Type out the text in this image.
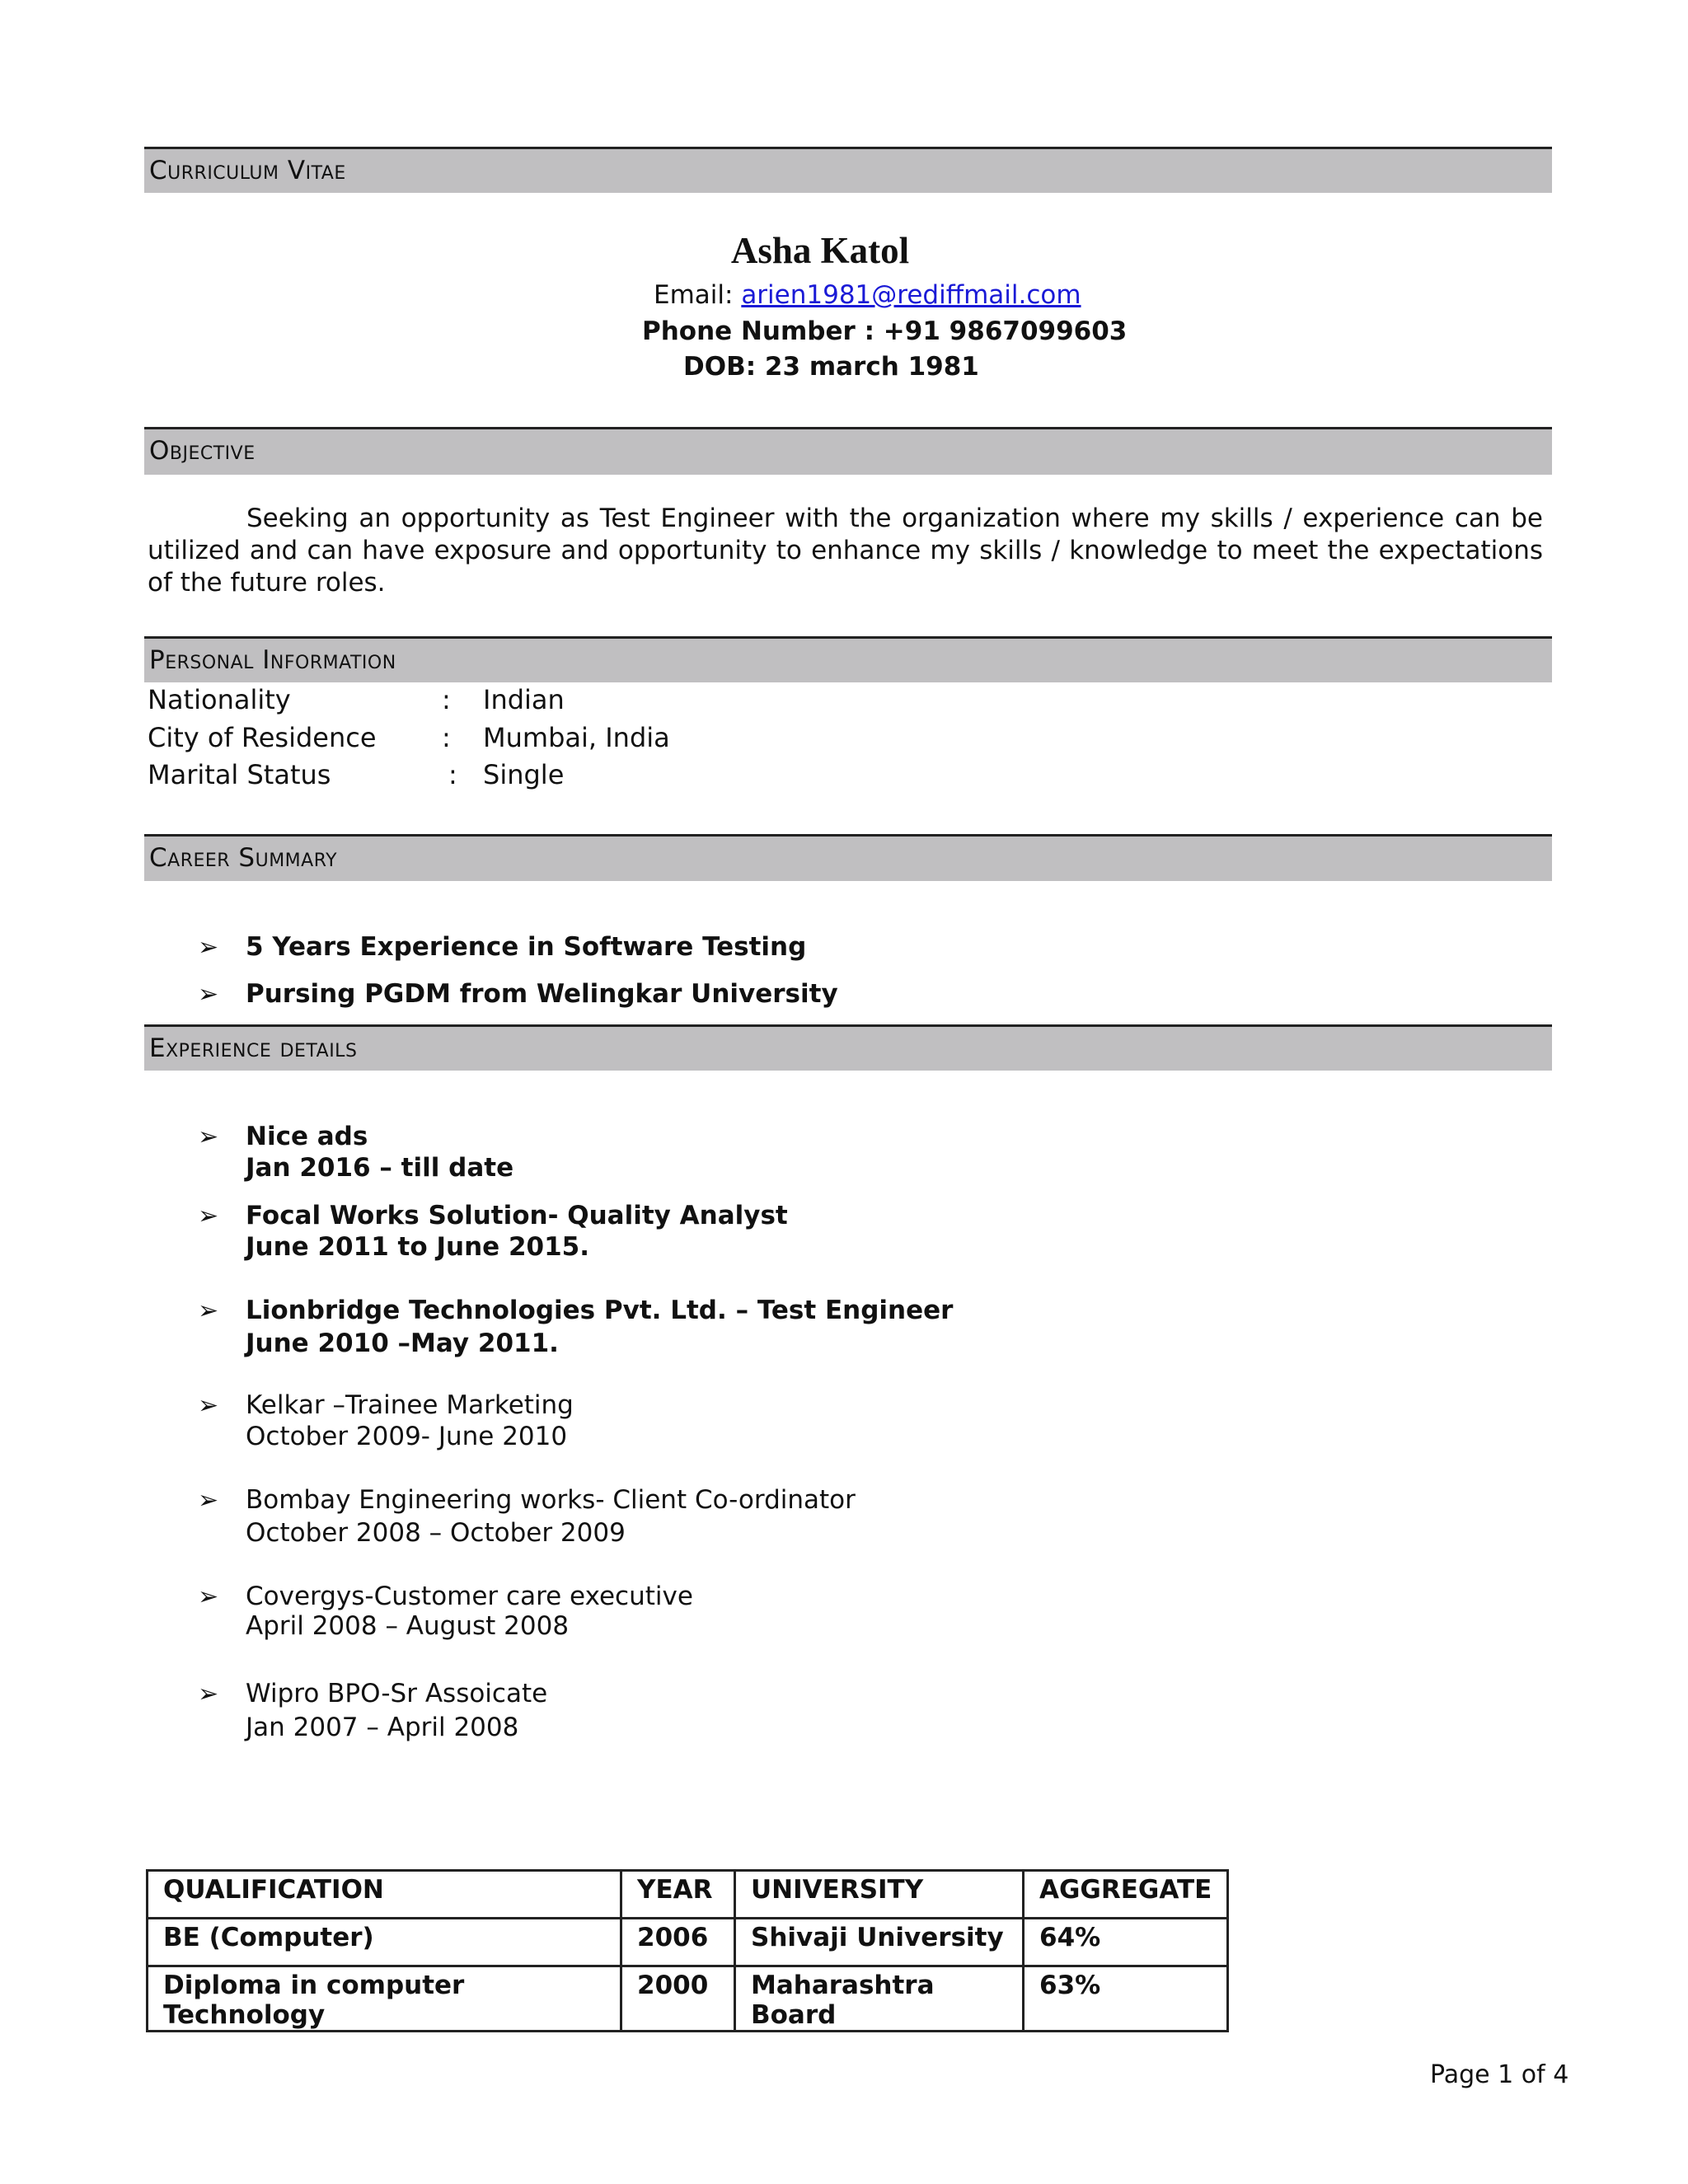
Curriculum Vitae
Asha Katol
Email: arien1981@rediffmail.com
Phone Number : +91 9867099603
DOB: 23 march 1981
Objective
Seeking an opportunity as Test Engineer with the organization where my skills / experience can be utilized and can have exposure and opportunity to enhance my skills / knowledge to meet the expectations of the future roles.
Personal Information
Nationality	: Indian
City of Residence : Mumbai, India
Marital Status	: Single
Career Summary
➢ 5 Years Experience in Software Testing
➢ Pursing PGDM from Welingkar University
Experience details
➢ Nice ads
Jan 2016 – till date
➢ Focal Works Solution- Quality Analyst
June 2011 to June 2015.
➢ Lionbridge Technologies Pvt. Ltd. – Test Engineer
June 2010 –May 2011.
➢ Kelkar –Trainee Marketing
October 2009- June 2010
➢ Bombay Engineering works- Client Co-ordinator
October 2008 – October 2009
➢ Covergys-Customer care executive
April 2008 – August 2008
➢ Wipro BPO-Sr Assoicate
Jan 2007 – April 2008
QUALIFICATION	YEAR	UNIVERSITY	AGGREGATE
BE (Computer)	2006	Shivaji University	64%
Diploma in computer Technology	2000	Maharashtra Board	63%
Page 1 of 4
